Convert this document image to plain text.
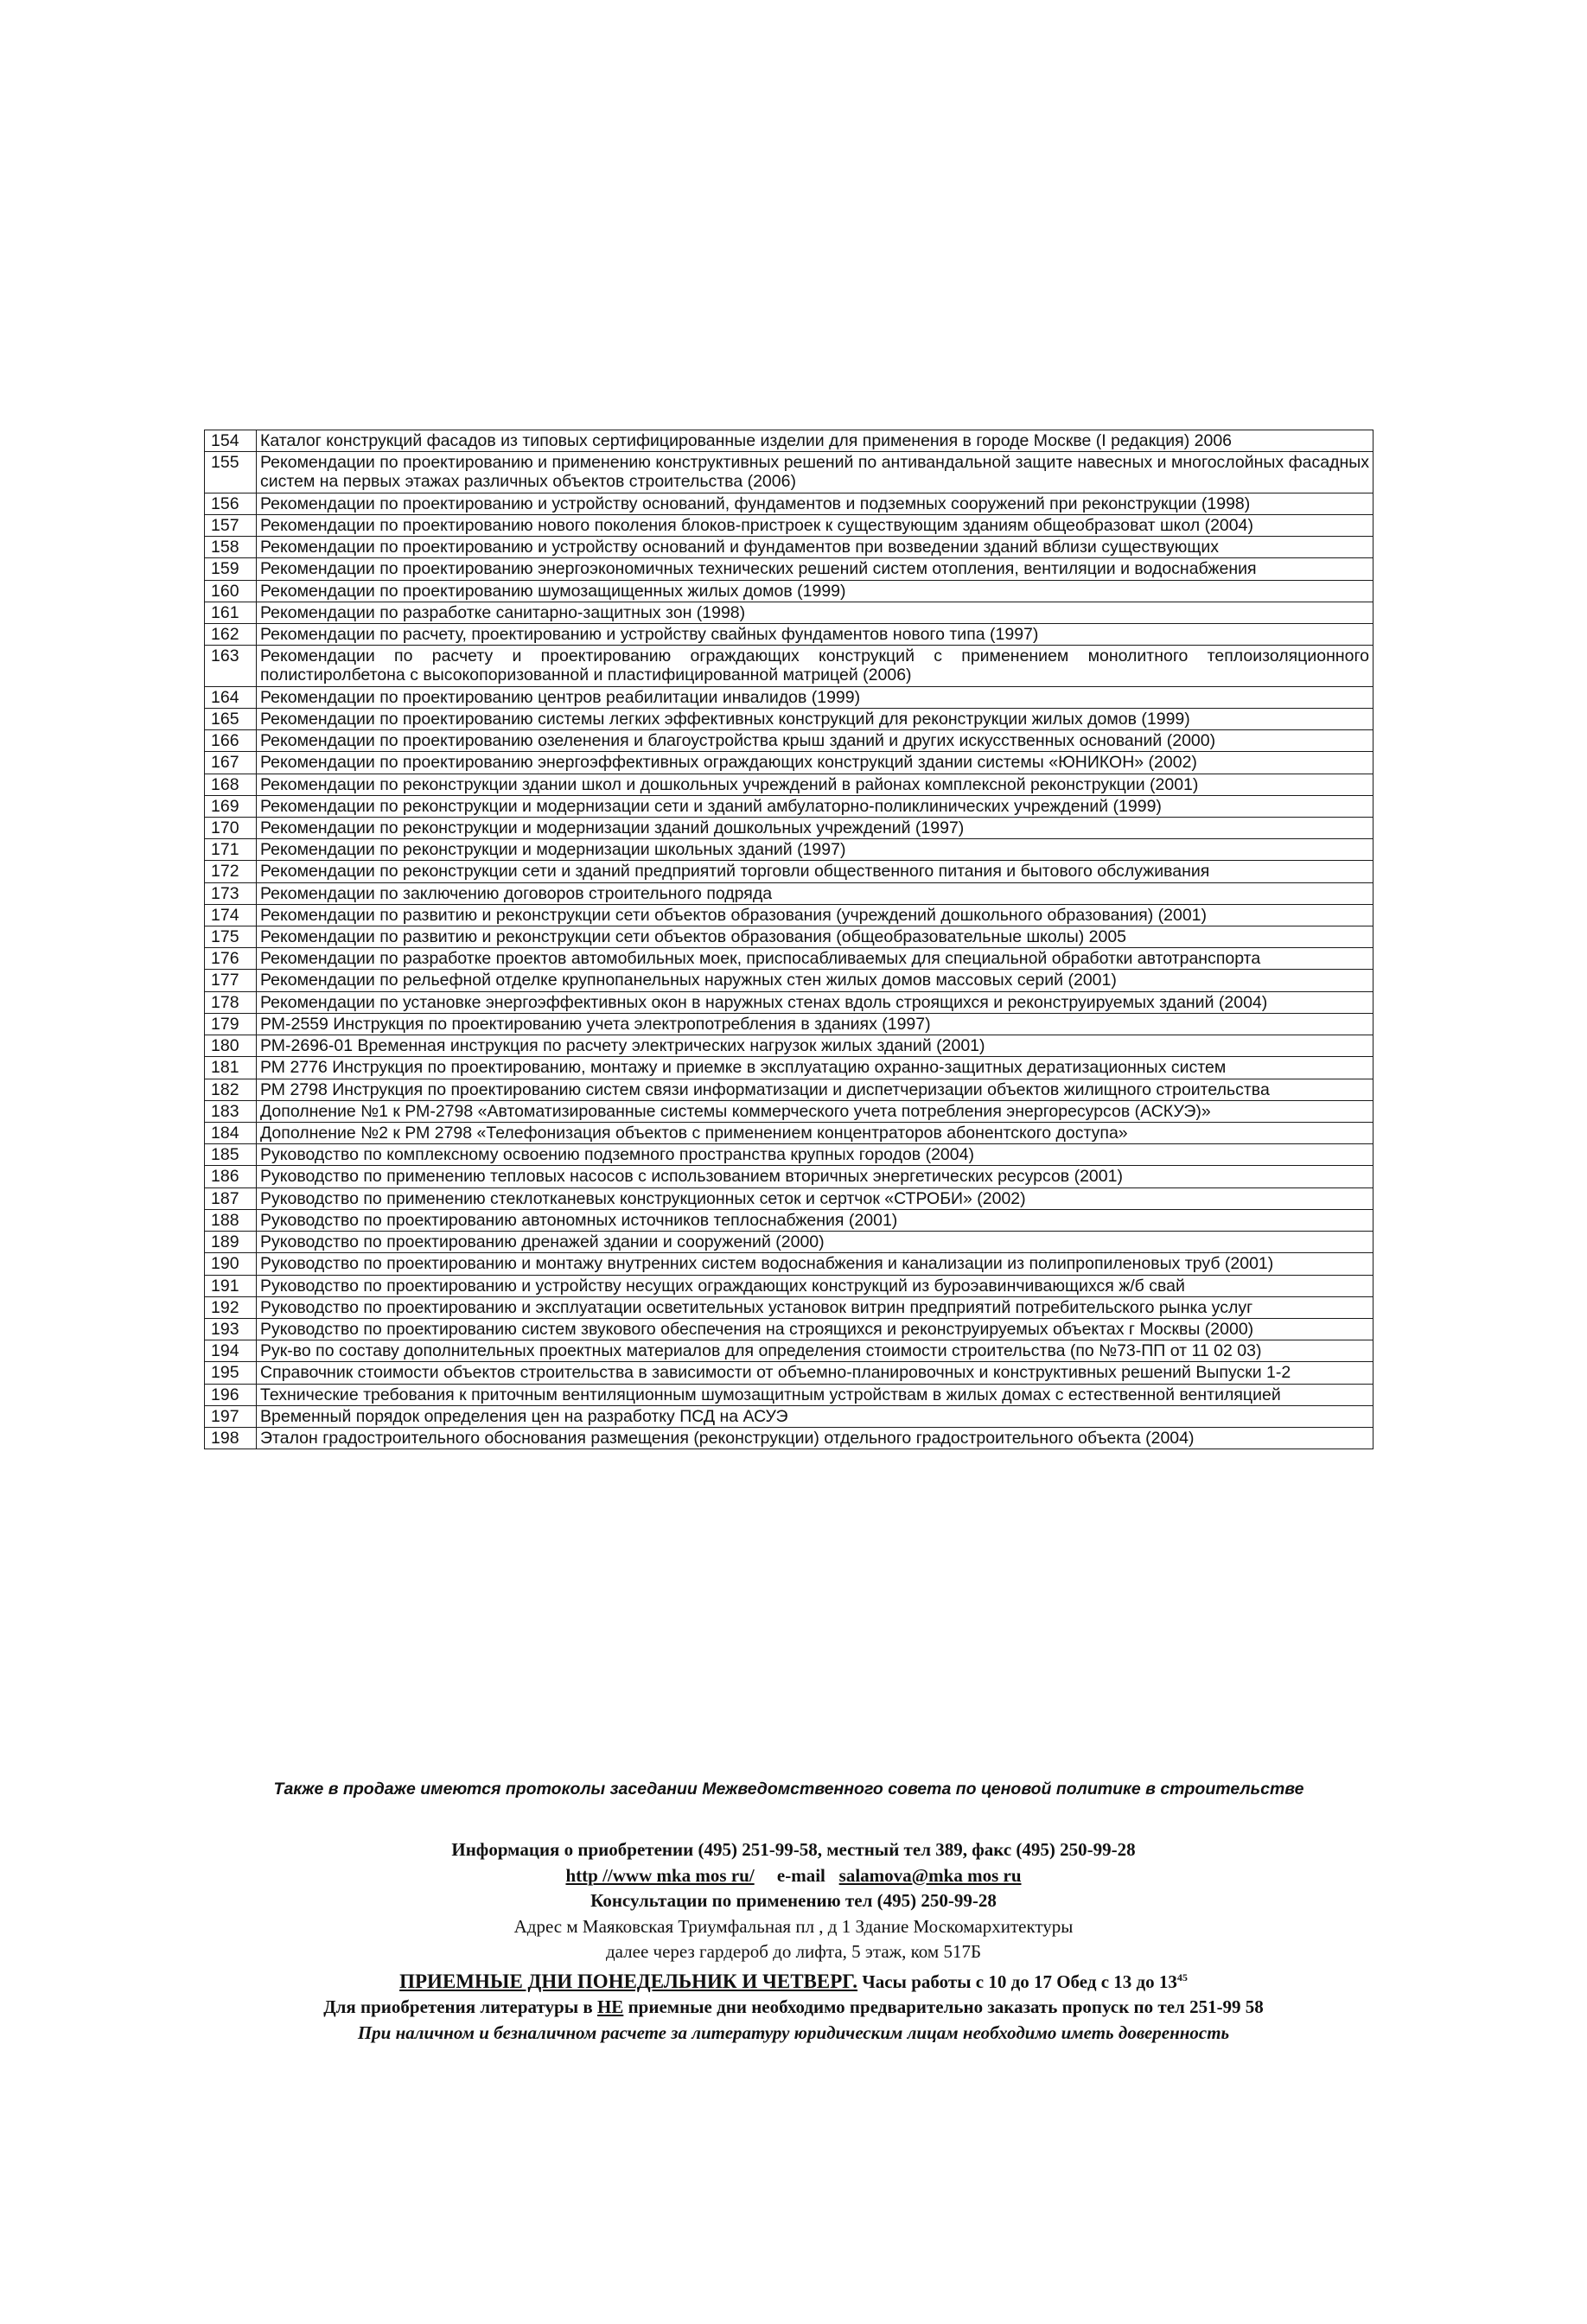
154	Каталог конструкций фасадов из типовых сертифицированные изделии для применения в городе Москве (I редакция) 2006
155	Рекомендации по проектированию и применению конструктивных решений по антивандальной защите навесных и многослойных фасадных систем на первых этажах различных объектов строительства (2006)
156	Рекомендации по проектированию и устройству оснований, фундаментов и подземных сооружений при реконструкции (1998)
157	Рекомендации по проектированию нового поколения блоков-пристроек к существующим зданиям общеобразоват школ (2004)
158	Рекомендации по проектированию и устройству оснований и фундаментов при возведении зданий вблизи существующих
159	Рекомендации по проектированию энергоэкономичных технических решений систем отопления, вентиляции и водоснабжения
160	Рекомендации по проектированию шумозащищенных жилых домов (1999)
161	Рекомендации по разработке санитарно-защитных зон (1998)
162	Рекомендации по расчету, проектированию и устройству свайных фундаментов нового типа (1997)
163	Рекомендации по расчету и проектированию ограждающих конструкций с применением монолитного теплоизоляционного полистиролбетона с высокопоризованной и пластифицированной матрицей (2006)
164	Рекомендации по проектированию центров реабилитации инвалидов (1999)
165	Рекомендации по проектированию системы легких эффективных конструкций для реконструкции жилых домов (1999)
166	Рекомендации по проектированию озеленения и благоустройства крыш зданий и других искусственных оснований (2000)
167	Рекомендации по проектированию энергоэффективных ограждающих конструкций здании системы «ЮНИКОН» (2002)
168	Рекомендации по реконструкции здании школ и дошкольных учреждений в районах комплексной реконструкции (2001)
169	Рекомендации по реконструкции и модернизации сети и зданий амбулаторно-поликлинических учреждений (1999)
170	Рекомендации по реконструкции и модернизации зданий дошкольных учреждений (1997)
171	Рекомендации по реконструкции и модернизации школьных зданий (1997)
172	Рекомендации по реконструкции сети и зданий предприятий торговли общественного питания и бытового обслуживания
173	Рекомендации по заключению договоров строительного подряда
174	Рекомендации по развитию и реконструкции сети объектов образования (учреждений дошкольного образования) (2001)
175	Рекомендации по развитию и реконструкции сети объектов образования (общеобразовательные школы) 2005
176	Рекомендации по разработке проектов автомобильных моек, приспосабливаемых для специальной обработки автотранспорта
177	Рекомендации по рельефной отделке крупнопанельных наружных стен жилых домов массовых серий (2001)
178	Рекомендации по установке энергоэффективных окон в наружных стенах вдоль строящихся и реконструируемых зданий (2004)
179	РМ-2559 Инструкция по проектированию учета электропотребления в зданиях (1997)
180	РМ-2696-01 Временная инструкция по расчету электрических нагрузок жилых зданий (2001)
181	РМ 2776 Инструкция по проектированию, монтажу и приемке в эксплуатацию охранно-защитных дератизационных систем
182	РМ 2798 Инструкция по проектированию систем связи информатизации и диспетчеризации объектов жилищного строительства
183	Дополнение №1 к РМ-2798 «Автоматизированные системы коммерческого учета потребления энергоресурсов (АСКУЭ)»
184	Дополнение №2 к РМ 2798 «Телефонизация объектов с применением концентраторов абонентского доступа»
185	Руководство по комплексному освоению подземного пространства крупных городов (2004)
186	Руководство по применению тепловых насосов с использованием вторичных энергетических ресурсов (2001)
187	Руководство по применению стеклотканевых конструкционных сеток и сертчок «СТРОБИ» (2002)
188	Руководство по проектированию автономных источников теплоснабжения (2001)
189	Руководство по проектированию дренажей здании и сооружений (2000)
190	Руководство по проектированию и монтажу внутренних систем водоснабжения и канализации из полипропиленовых труб (2001)
191	Руководство по проектированию и устройству несущих ограждающих конструкций из буроэавинчивающихся ж/б свай
192	Руководство по проектированию и эксплуатации осветительных установок витрин предприятий потребительского рынка услуг
193	Руководство по проектированию систем звукового обеспечения на строящихся и реконструируемых объектах г Москвы (2000)
194	Рук-во по составу дополнительных проектных материалов для определения стоимости строительства (по №73-ПП от 11 02 03)
195	Справочник стоимости объектов строительства в зависимости от объемно-планировочных и конструктивных решений Выпуски 1-2
196	Технические требования к приточным вентиляционным шумозащитным устройствам в жилых домах с естественной вентиляцией
197	Временный порядок определения цен на разработку ПСД на АСУЭ
198	Эталон градостроительного обоснования размещения (реконструкции) отдельного градостроительного объекта (2004)
Также в продаже имеются протоколы заседании Межведомственного совета по ценовой политике в строительстве
Информация о приобретении (495) 251-99-58, местный тел 389, факс (495) 250-99-28
http //www mka mos ru/ e-mail salamova@mka mos ru
Консультации по применению тел (495) 250-99-28
Адрес м Маяковская Триумфальная пл , д 1 Здание Москомархитектуры
далее через гардероб до лифта, 5 этаж, ком 517Б
ПРИЕМНЫЕ ДНИ ПОНЕДЕЛЬНИК И ЧЕТВЕРГ. Часы работы с 10 до 17 Обед с 13 до $13^{45}$
Для приобретения литературы в НЕ приемные дни необходимо предварительно заказать пропуск по тел 251-99 58
При наличном и безналичном расчете за литературу юридическим лицам необходимо иметь доверенность
